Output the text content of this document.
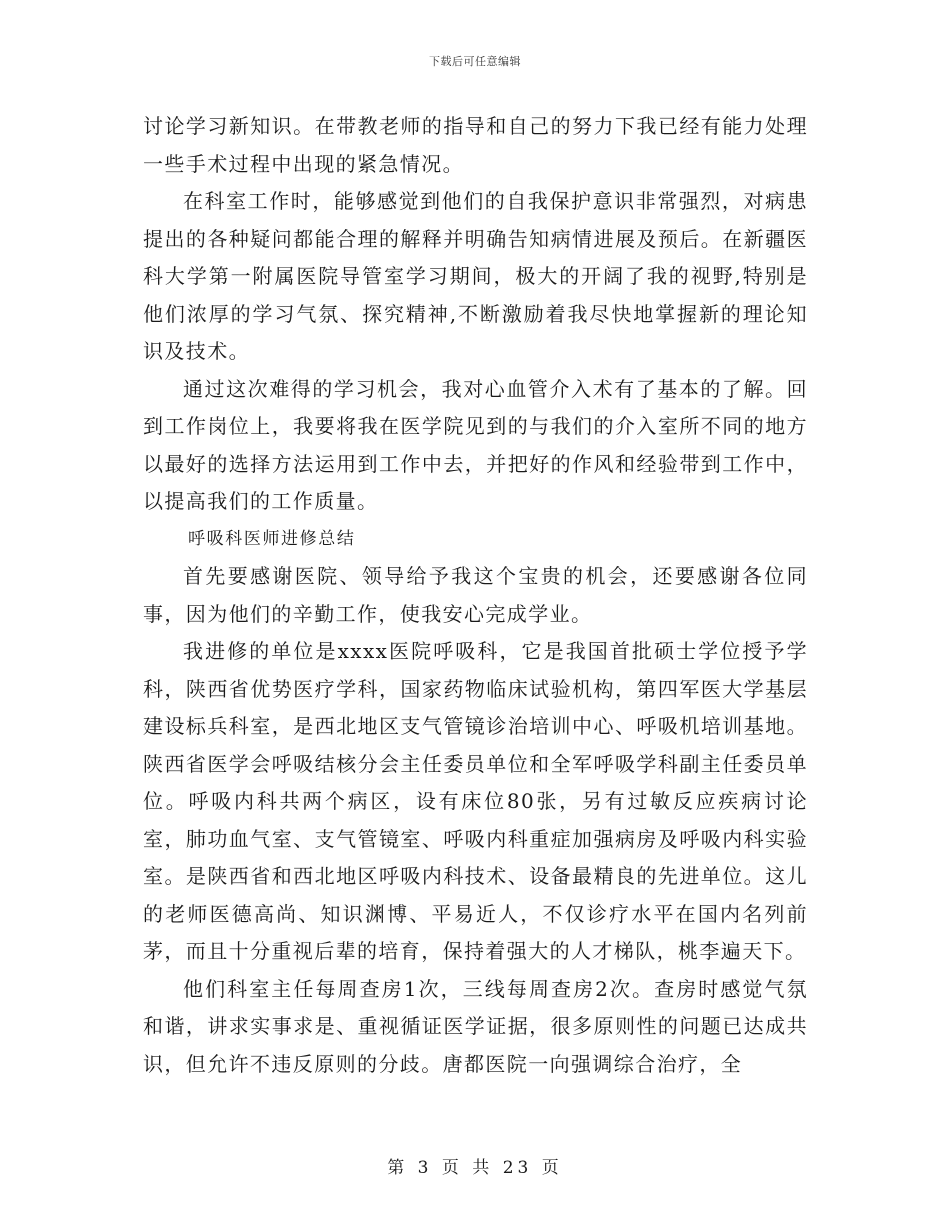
下载后可任意编辑

讨论学习新知识。在带教老师的指导和自己的努力下我已经有能力处理一些手术过程中出现的紧急情况。

在科室工作时，能够感觉到他们的自我保护意识非常强烈，对病患提出的各种疑问都能合理的解释并明确告知病情进展及预后。在新疆医科大学第一附属医院导管室学习期间，极大的开阔了我的视野,特别是他们浓厚的学习气氛、探究精神,不断激励着我尽快地掌握新的理论知识及技术。

通过这次难得的学习机会，我对心血管介入术有了基本的了解。回到工作岗位上，我要将我在医学院见到的与我们的介入室所不同的地方以最好的选择方法运用到工作中去，并把好的作风和经验带到工作中，以提高我们的工作质量。

呼吸科医师进修总结

首先要感谢医院、领导给予我这个宝贵的机会，还要感谢各位同事，因为他们的辛勤工作，使我安心完成学业。

我进修的单位是xxxx医院呼吸科，它是我国首批硕士学位授予学科，陕西省优势医疗学科，国家药物临床试验机构，第四军医大学基层建设标兵科室，是西北地区支气管镜诊治培训中心、呼吸机培训基地。陕西省医学会呼吸结核分会主任委员单位和全军呼吸学科副主任委员单位。呼吸内科共两个病区，设有床位80张，另有过敏反应疾病讨论室，肺功血气室、支气管镜室、呼吸内科重症加强病房及呼吸内科实验室。是陕西省和西北地区呼吸内科技术、设备最精良的先进单位。这儿的老师医德高尚、知识渊博、平易近人，不仅诊疗水平在国内名列前茅，而且十分重视后辈的培育，保持着强大的人才梯队，桃李遍天下。

他们科室主任每周查房1次，三线每周查房2次。查房时感觉气氛和谐，讲求实事求是、重视循证医学证据，很多原则性的问题已达成共识，但允许不违反原则的分歧。唐都医院一向强调综合治疗，全

第 3 页 共 23 页
